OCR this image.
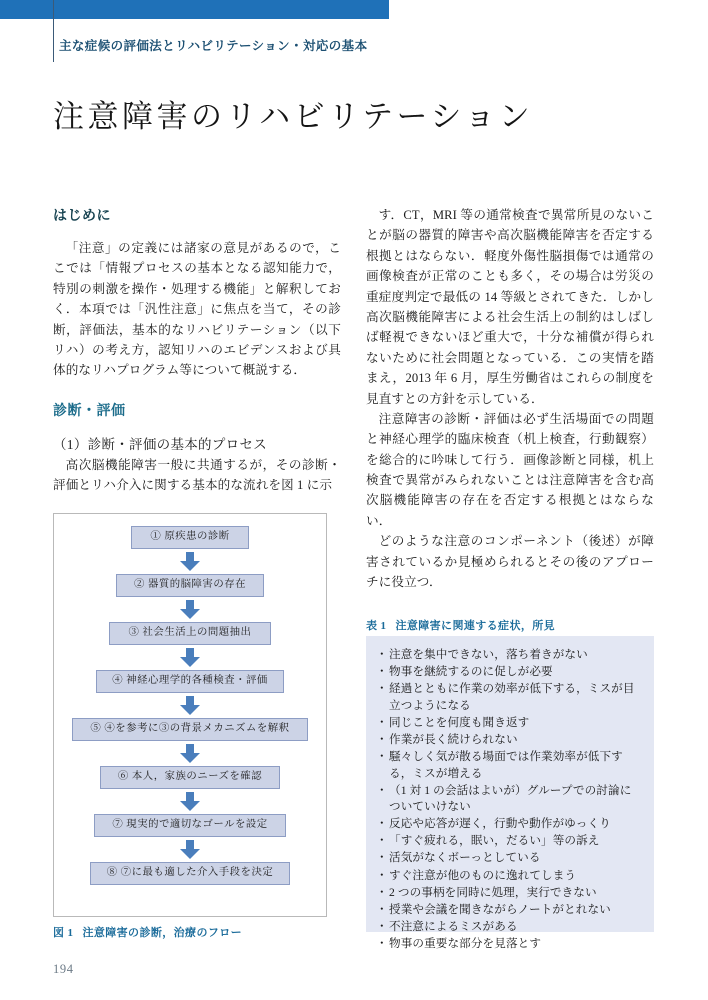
主な症候の評価法とリハビリテーション・対応の基本
注意障害のリハビリテーション
はじめに

「注意」の定義には諸家の意見があるので，ここでは「情報プロセスの基本となる認知能力で，特別の刺激を操作・処理する機能」と解釈しておく．本項では「汎性注意」に焦点を当て，その診断，評価法，基本的なリハビリテーション（以下リハ）の考え方，認知リハのエビデンスおよび具体的なリハプログラム等について概説する．

診断・評価
（1）診断・評価の基本的プロセス

高次脳機能障害一般に共通するが，その診断・評価とリハ介入に関する基本的な流れを図 1 に示

① 原疾患の診断
② 器質的脳障害の存在
③ 社会生活上の問題抽出
④ 神経心理学的各種検査・評価
⑤ ④を参考に③の背景メカニズムを解釈
⑥ 本人，家族のニーズを確認
⑦ 現実的で適切なゴールを設定
⑧ ⑦に最も適した介入手段を決定
図 1 注意障害の診断，治療のフロー

す．CT，MRI 等の通常検査で異常所見のないことが脳の器質的障害や高次脳機能障害を否定する根拠とはならない．軽度外傷性脳損傷では通常の画像検査が正常のことも多く，その場合は労災の重症度判定で最低の 14 等級とされてきた．しかし高次脳機能障害による社会生活上の制約はしばしば軽視できないほど重大で，十分な補償が得られないために社会問題となっている．この実情を踏まえ，2013 年 6 月，厚生労働省はこれらの制度を見直すとの方針を示している．

注意障害の診断・評価は必ず生活場面での問題と神経心理学的臨床検査（机上検査，行動観察）を総合的に吟味して行う．画像診断と同様，机上検査で異常がみられないことは注意障害を含む高次脳機能障害の存在を否定する根拠とはならない．

どのような注意のコンポーネント（後述）が障害されているか見極められるとその後のアプローチに役立つ．

表 1 注意障害に関連する症状，所見
・ 注意を集中できない，落ち着きがない
・ 物事を継続するのに促しが必要
・ 経過とともに作業の効率が低下する，ミスが目立つようになる
・ 同じことを何度も聞き返す
・ 作業が長く続けられない
・ 騒々しく気が散る場面では作業効率が低下する，ミスが増える
・ （1 対 1 の会話はよいが）グループでの討論についていけない
・ 反応や応答が遅く，行動や動作がゆっくり
・ 「すぐ疲れる，眠い，だるい」等の訴え
・ 活気がなくボーっとしている
・ すぐ注意が他のものに逸れてしまう
・ 2 つの事柄を同時に処理，実行できない
・ 授業や会議を聞きながらノートがとれない
・ 不注意によるミスがある
・ 物事の重要な部分を見落とす
194
